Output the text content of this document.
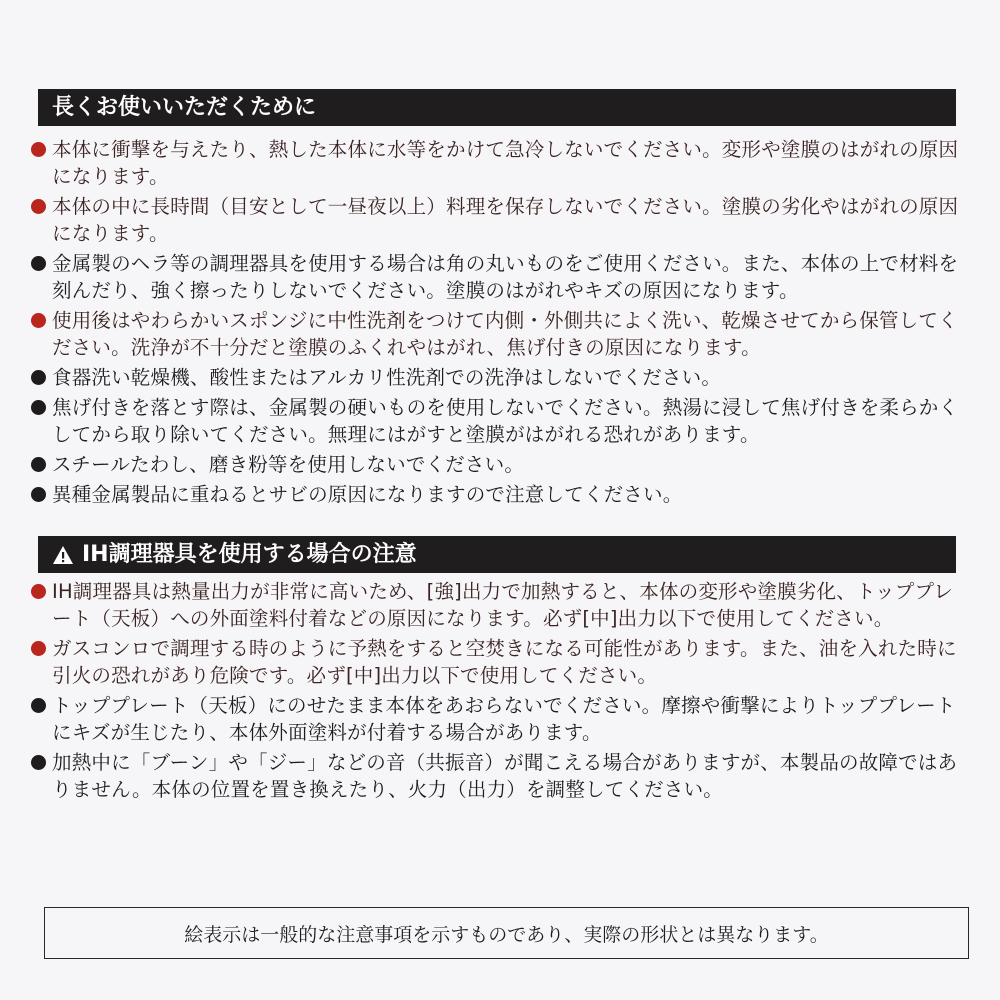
長くお使いいただくために
本体に衝撃を与えたり、熱した本体に水等をかけて急冷しないでください。変形や塗膜のはがれの原因になります。
本体の中に長時間（目安として一昼夜以上）料理を保存しないでください。塗膜の劣化やはがれの原因になります。
金属製のヘラ等の調理器具を使用する場合は角の丸いものをご使用ください。また、本体の上で材料を刻んだり、強く擦ったりしないでください。塗膜のはがれやキズの原因になります。
使用後はやわらかいスポンジに中性洗剤をつけて内側・外側共によく洗い、乾燥させてから保管してください。洗浄が不十分だと塗膜のふくれやはがれ、焦げ付きの原因になります。
食器洗い乾燥機、酸性またはアルカリ性洗剤での洗浄はしないでください。
焦げ付きを落とす際は、金属製の硬いものを使用しないでください。熱湯に浸して焦げ付きを柔らかくしてから取り除いてください。無理にはがすと塗膜がはがれる恐れがあります。
スチールたわし、磨き粉等を使用しないでください。
異種金属製品に重ねるとサビの原因になりますので注意してください。
IH調理器具を使用する場合の注意
IH調理器具は熱量出力が非常に高いため、[強]出力で加熱すると、本体の変形や塗膜劣化、トッププレート（天板）への外面塗料付着などの原因になります。必ず[中]出力以下で使用してください。
ガスコンロで調理する時のように予熱をすると空焚きになる可能性があります。また、油を入れた時に引火の恐れがあり危険です。必ず[中]出力以下で使用してください。
トッププレート（天板）にのせたまま本体をあおらないでください。摩擦や衝撃によりトッププレートにキズが生じたり、本体外面塗料が付着する場合があります。
加熱中に「ブーン」や「ジー」などの音（共振音）が聞こえる場合がありますが、本製品の故障ではありません。本体の位置を置き換えたり、火力（出力）を調整してください。
絵表示は一般的な注意事項を示すものであり、実際の形状とは異なります。
